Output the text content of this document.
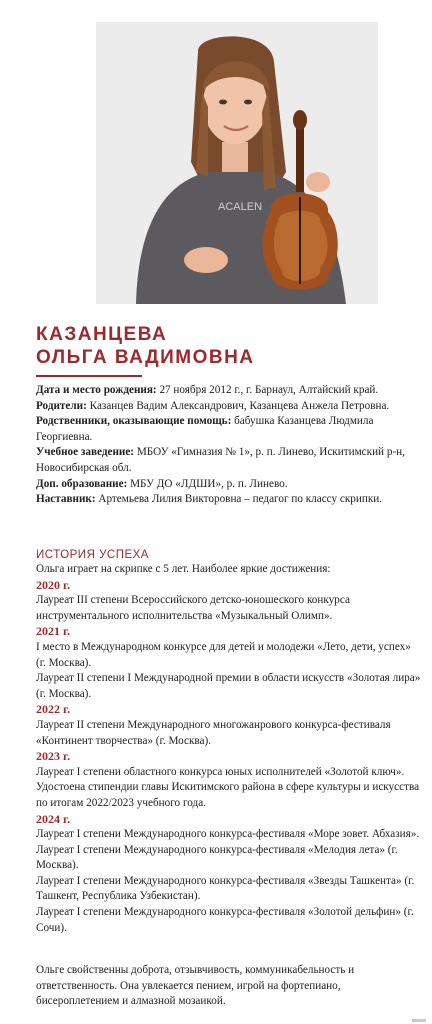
ACALEN
КАЗАНЦЕВА
ОЛЬГА ВАДИМОВНА

Дата и место рождения: 27 ноября 2012 г., г. Барнаул, Алтайский край.

Родители: Казанцев Вадим Александрович, Казанцева Анжела Петровна.

Родственники, оказывающие помощь: бабушка Казанцева Людмила Георгиевна.

Учебное заведение: МБОУ «Гимназия № 1», р. п. Линево, Искитимский р-н, Новосибирская обл.

Доп. образование: МБУ ДО «ЛДШИ», р. п. Линево.

Наставник: Артемьева Лилия Викторовна – педагог по классу скрипки.

ИСТОРИЯ УСПЕХА

Ольга играет на скрипке с 5 лет. Наиболее яркие достижения:

2020 г.

Лауреат III степени Всероссийского детско-юношеского конкурса инструментального исполнительства «Музыкальный Олимп».

2021 г.

I место в Международном конкурсе для детей и молодежи «Лето, дети, успех» (г. Москва).

Лауреат II степени I Международной премии в области искусств «Золотая лира» (г. Москва).

2022 г.

Лауреат II степени Международного многожанрового конкурса-фестиваля «Континент творчества» (г. Москва).

2023 г.

Лауреат I степени областного конкурса юных исполнителей «Золотой ключ».

Удостоена стипендии главы Искитимского района в сфере культуры и искусства по итогам 2022/2023 учебного года.

2024 г.

Лауреат I степени Международного конкурса-фестиваля «Море зовет. Абхазия».

Лауреат I степени Международного конкурса-фестиваля «Мелодия лета» (г. Москва).

Лауреат I степени Международного конкурса-фестиваля «Звезды Ташкента» (г. Ташкент, Республика Узбекистан).

Лауреат I степени Международного конкурса-фестиваля «Золотой дельфин» (г. Сочи).

Ольге свойственны доброта, отзывчивость, коммуникабельность и ответственность. Она увлекается пением, игрой на фортепиано, бисероплетением и алмазной мозаикой.
